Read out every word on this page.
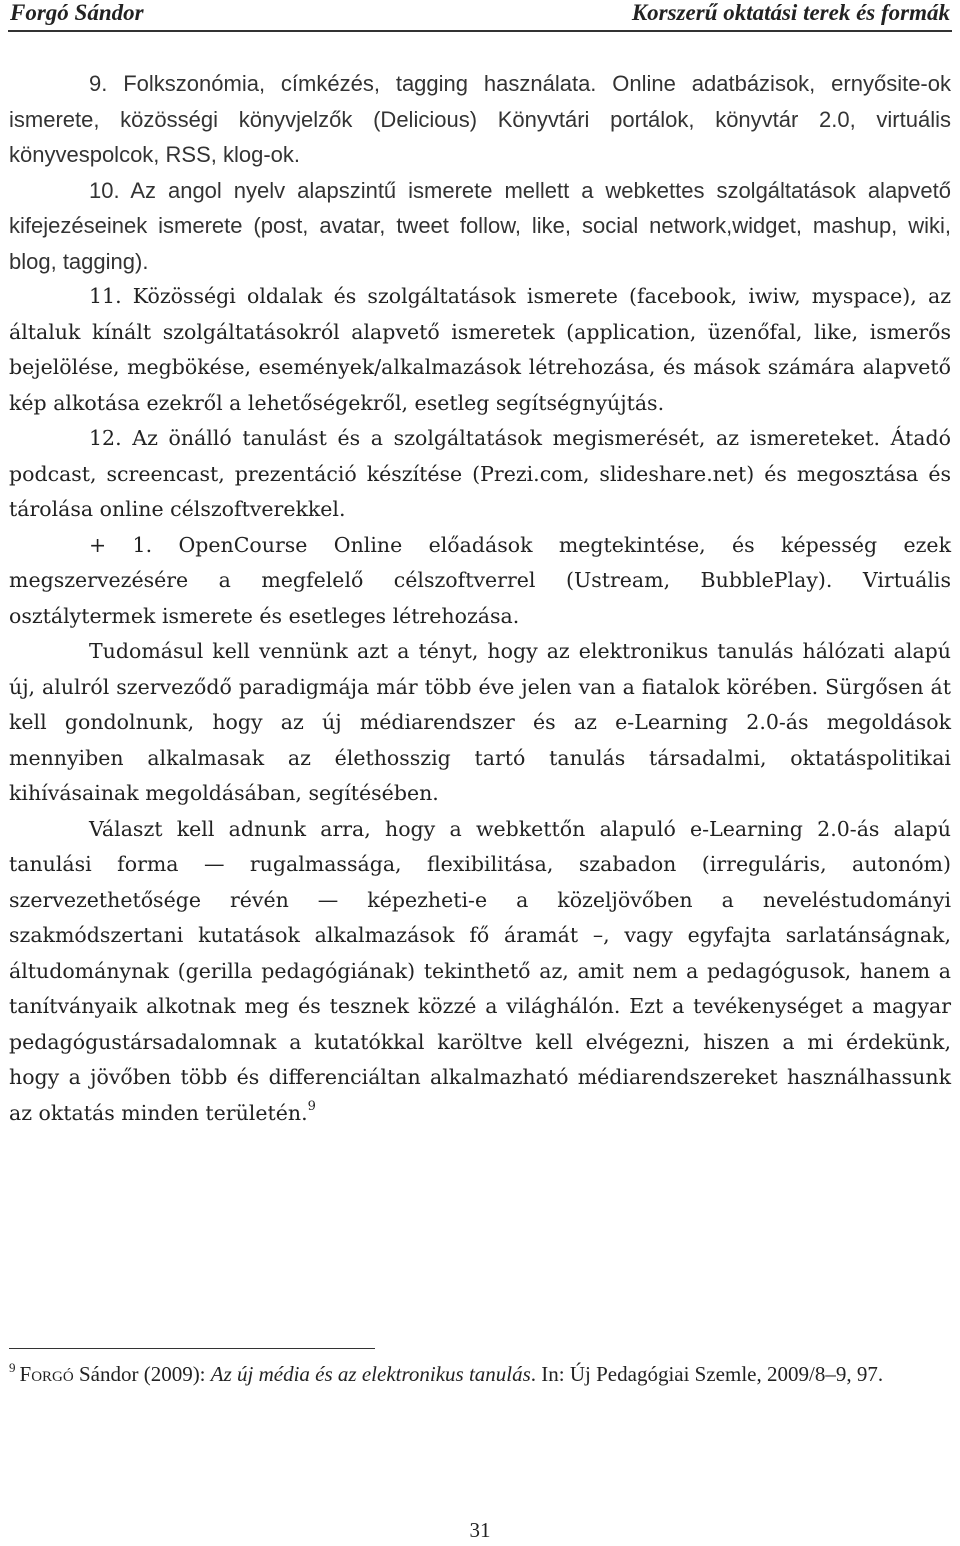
Forgó Sándor	Korszerű oktatási terek és formák

9. Folkszonómia, címkézés, tagging használata. Online adatbázisok, ernyősite-ok ismerete, közösségi könyvjelzők (Delicious) Könyvtári portálok, könyvtár 2.0, virtuális könyvespolcok, RSS, klog-ok.

10. Az angol nyelv alapszintű ismerete mellett a webkettes szolgáltatások alapvető kifejezéseinek ismerete (post, avatar, tweet follow, like, social network,widget, mashup, wiki, blog, tagging).

11. Közösségi oldalak és szolgáltatások ismerete (facebook, iwiw, myspace), az általuk kínált szolgáltatásokról alapvető ismeretek (application, üzenőfal, like, ismerős bejelölése, megbökése, események/alkalmazások létrehozása, és mások számára alapvető kép alkotása ezekről a lehetőségekről, esetleg segítségnyújtás.

12. Az önálló tanulást és a szolgáltatások megismerését, az ismereteket. Átadó podcast, screencast, prezentáció készítése (Prezi.com, slideshare.net) és megosztása és tárolása online célszoftverekkel.

+ 1. OpenCourse Online előadások megtekintése, és képesség ezek megszervezésére a megfelelő célszoftverrel (Ustream, BubblePlay). Virtuális osztálytermek ismerete és esetleges létrehozása.

Tudomásul kell vennünk azt a tényt, hogy az elektronikus tanulás hálózati alapú új, alulról szerveződő paradigmája már több éve jelen van a fiatalok körében. Sürgősen át kell gondolnunk, hogy az új médiarendszer és az e-Learning 2.0-ás megoldások mennyiben alkalmasak az élethosszig tartó tanulás társadalmi, oktatáspolitikai kihívásainak megoldásában, segítésében.

Választ kell adnunk arra, hogy a webkettőn alapuló e-Learning 2.0-ás alapú tanulási forma — rugalmassága, flexibilitása, szabadon (irreguláris, autonóm) szervezethetősége révén — képezheti-e a közeljövőben a neveléstudományi szakmódszertani kutatások alkalmazások fő áramát –, vagy egyfajta sarlatánságnak, áltudománynak (gerilla pedagógiának) tekinthető az, amit nem a pedagógusok, hanem a tanítványaik alkotnak meg és tesznek közzé a világhálón. Ezt a tevékenységet a magyar pedagógustársadalomnak a kutatókkal karöltve kell elvégezni, hiszen a mi érdekünk, hogy a jövőben több és differenciáltan alkalmazható médiarendszereket használhassunk az oktatás minden területén.$^9$

$^9$ FORGÓ Sándor (2009): Az új média és az elektronikus tanulás. In: Új Pedagógiai Szemle, 2009/8–9, 97.
31
